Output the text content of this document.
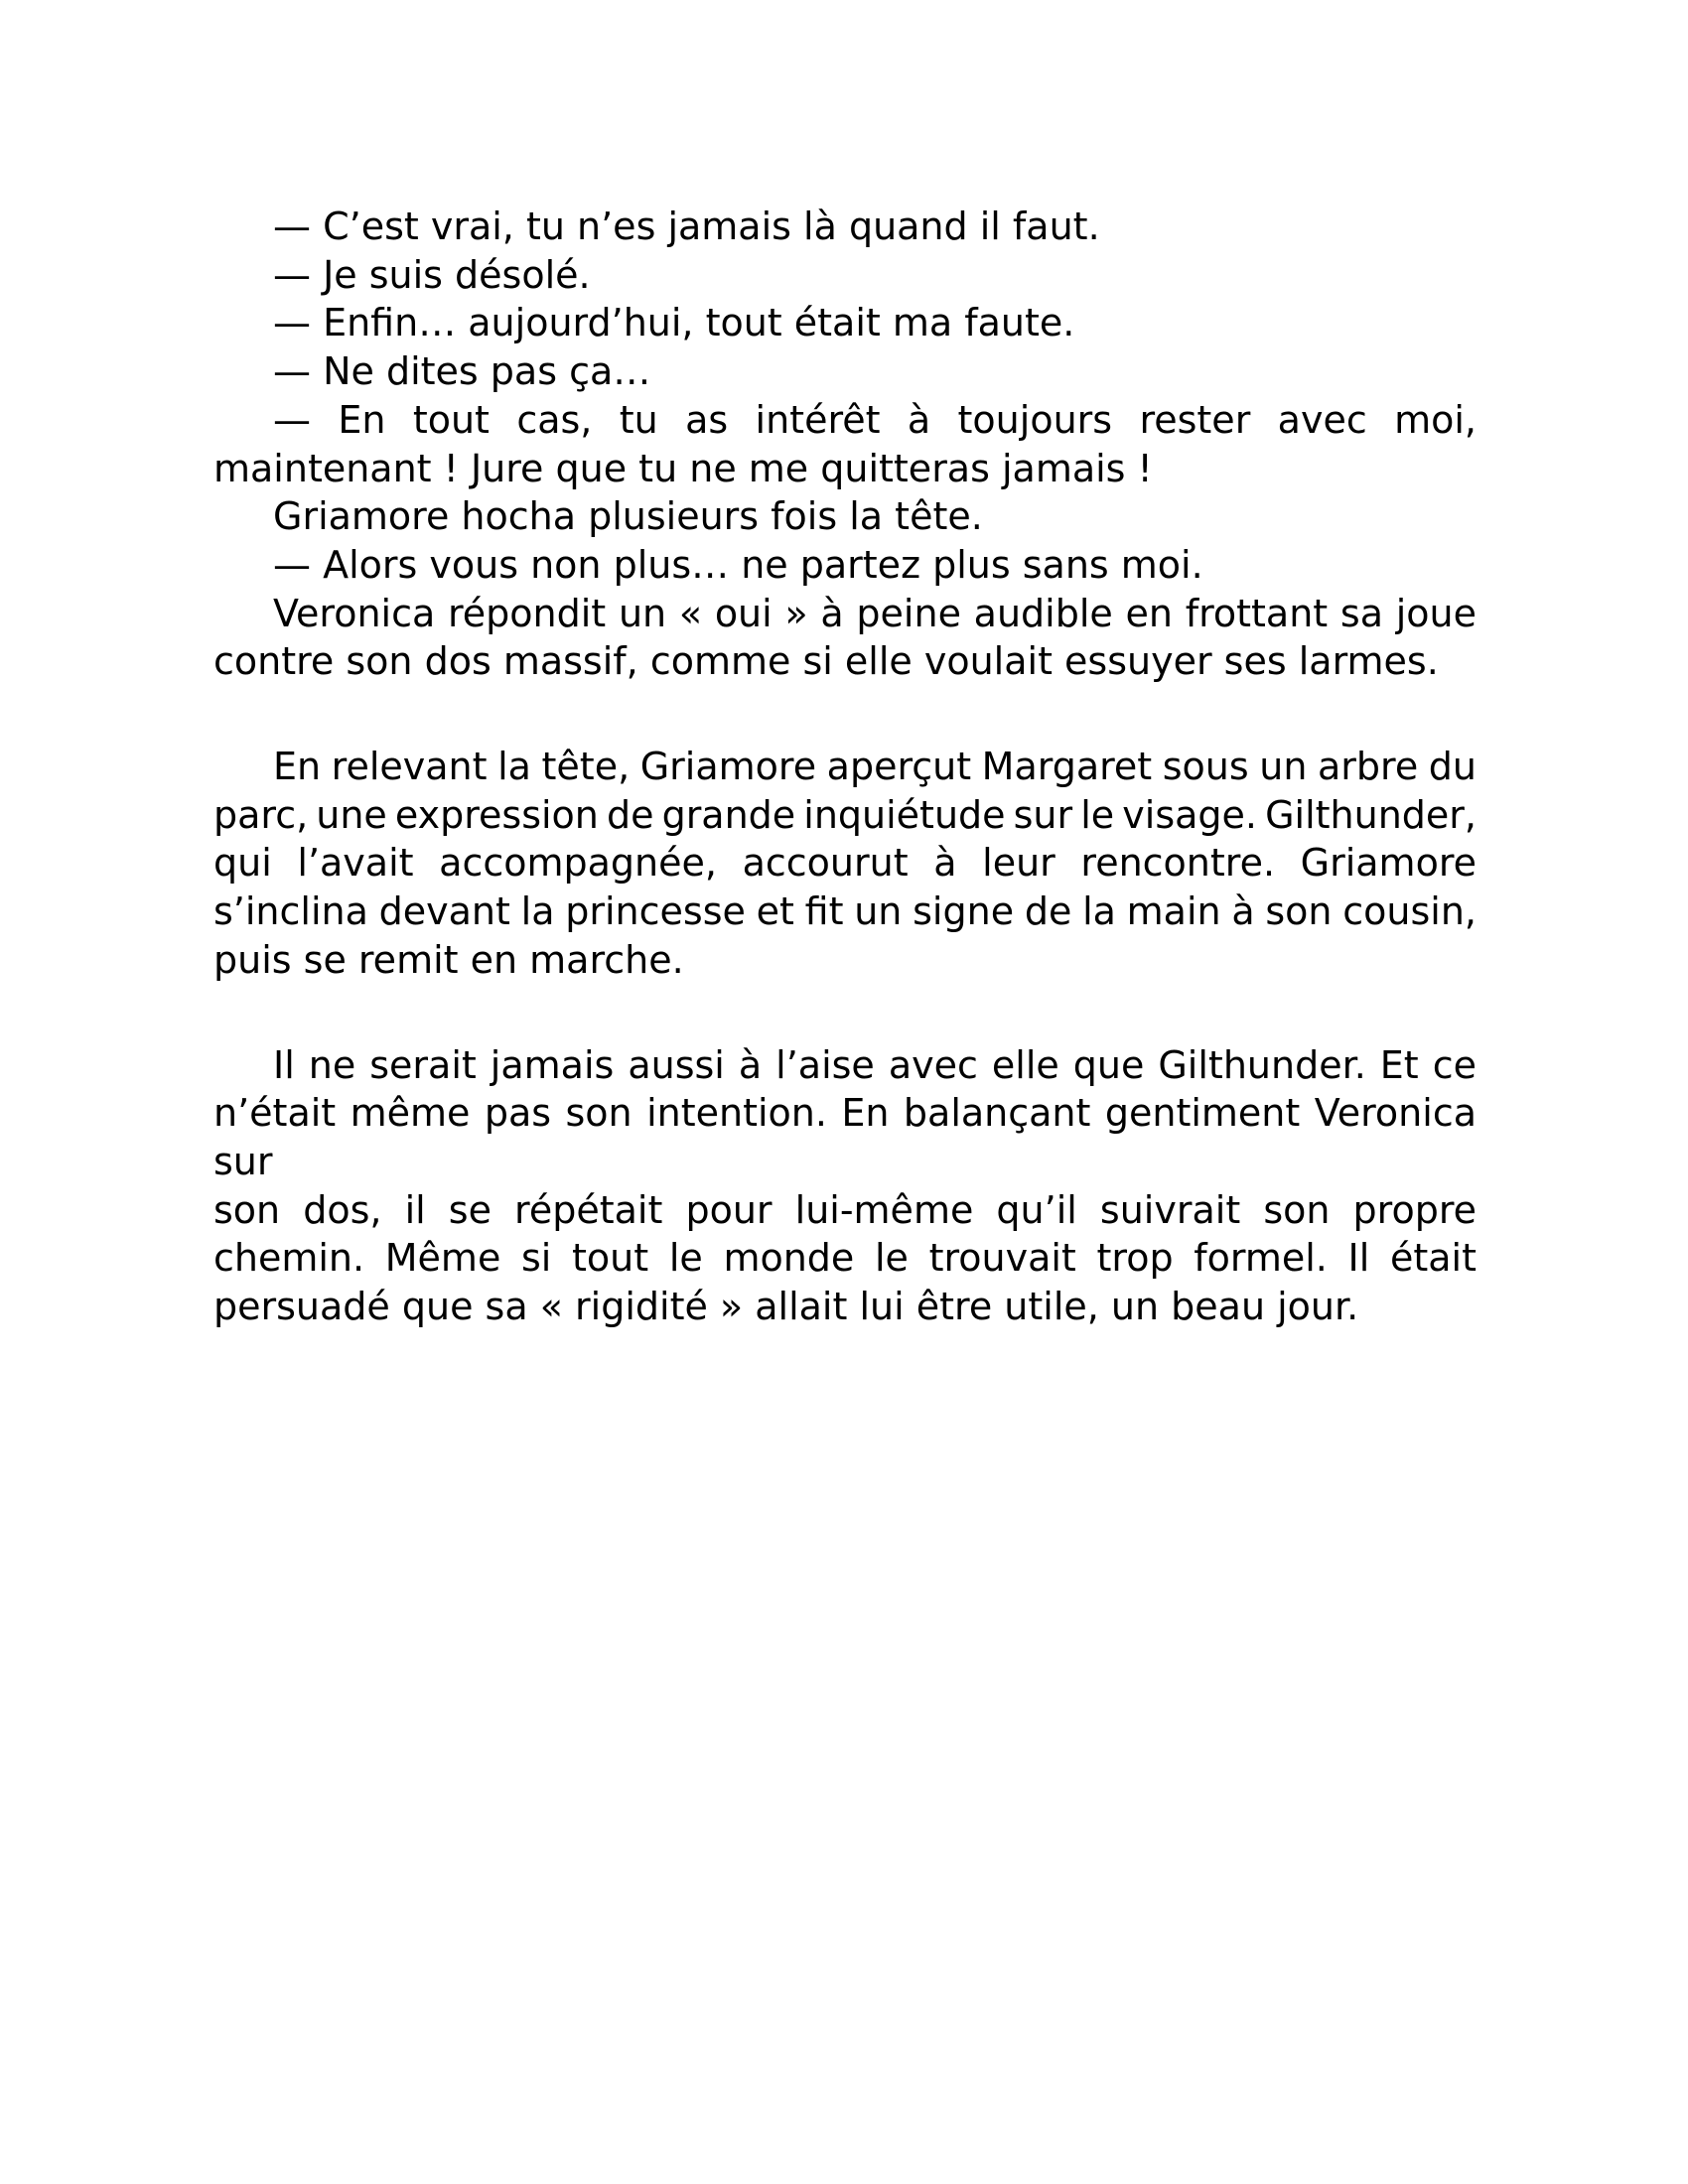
— C’est vrai, tu n’es jamais là quand il faut.
— Je suis désolé.
— Enfin… aujourd’hui, tout était ma faute.
— Ne dites pas ça…
— En tout cas, tu as intérêt à toujours rester avec moi,
maintenant ! Jure que tu ne me quitteras jamais !
Griamore hocha plusieurs fois la tête.
— Alors vous non plus… ne partez plus sans moi.
Veronica répondit un « oui » à peine audible en frottant sa joue
contre son dos massif, comme si elle voulait essuyer ses larmes.
En relevant la tête, Griamore aperçut Margaret sous un arbre du
parc, une expression de grande inquiétude sur le visage. Gilthunder,
qui l’avait accompagnée, accourut à leur rencontre. Griamore
s’inclina devant la princesse et fit un signe de la main à son cousin,
puis se remit en marche.
Il ne serait jamais aussi à l’aise avec elle que Gilthunder. Et ce
n’était même pas son intention. En balançant gentiment Veronica sur
son dos, il se répétait pour lui-même qu’il suivrait son propre
chemin. Même si tout le monde le trouvait trop formel. Il était
persuadé que sa « rigidité » allait lui être utile, un beau jour.
